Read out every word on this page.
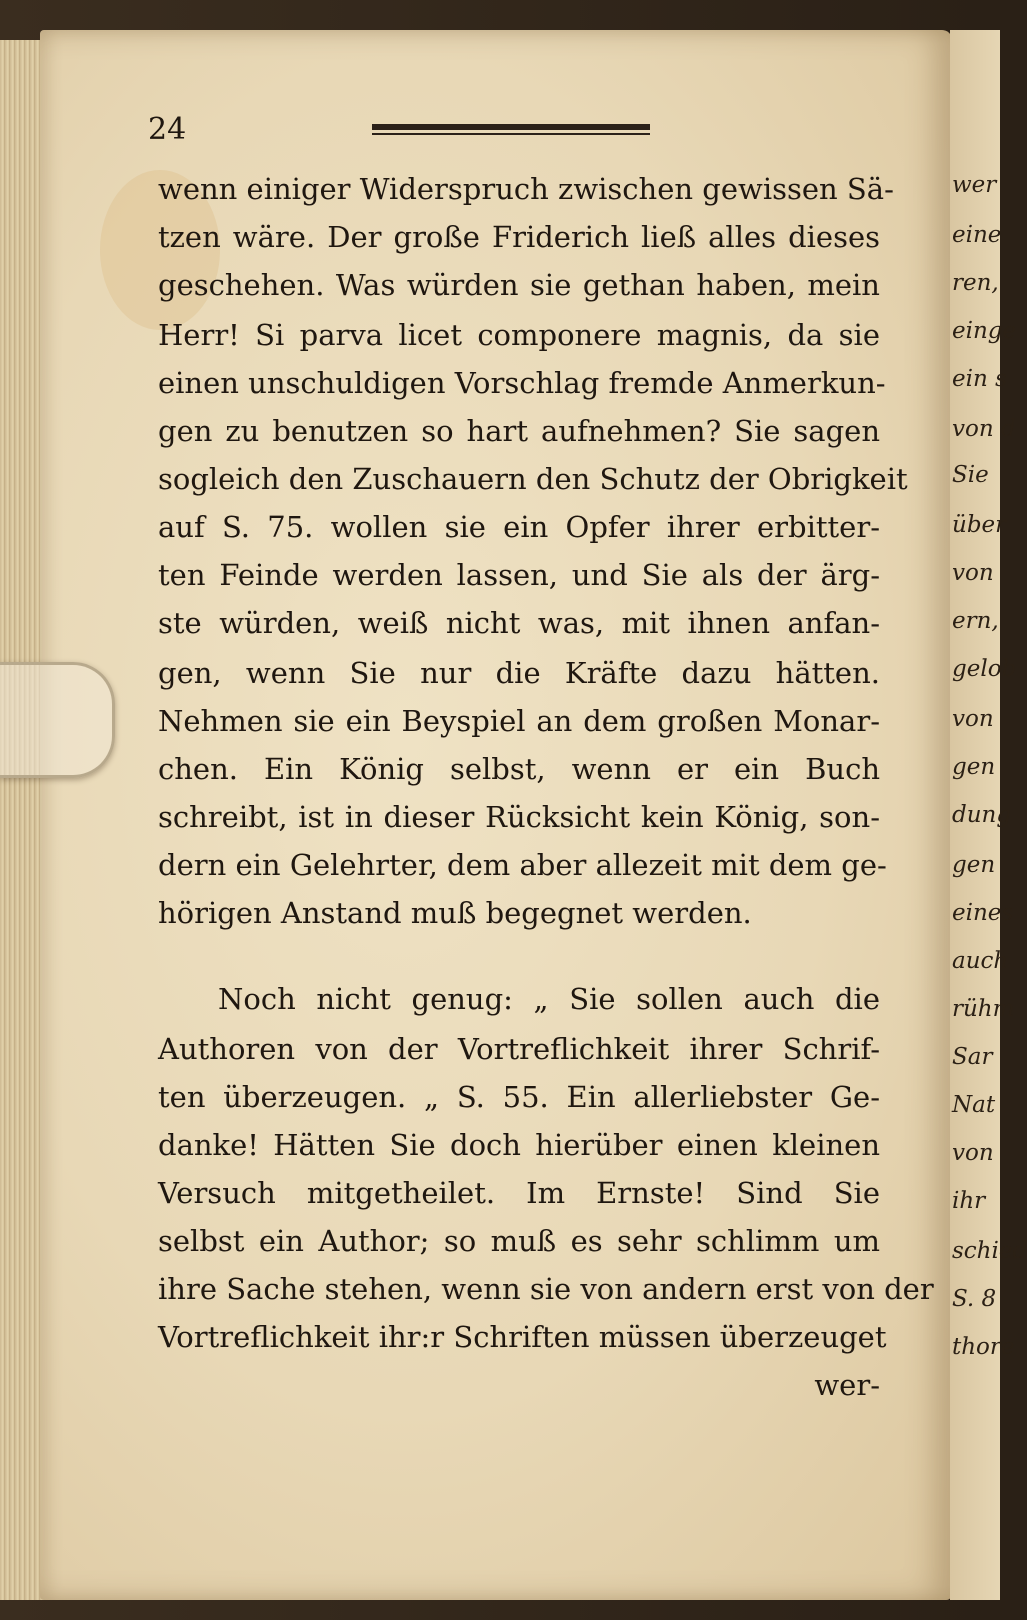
wer
eine
ren,
einge
ein s
von d
Sie
über
von
ern,
gelob
von
gen
dung
gen
eines
auch
rühm
Sar
Nat
von
ihr
schied
S. 8
thore
24
wenn einiger Widerspruch zwischen gewissen Sä-
tzen wäre. Der große Friderich ließ alles dieses
geschehen. Was würden sie gethan haben, mein
Herr! Si parva licet componere magnis, da sie
einen unschuldigen Vorschlag fremde Anmerkun-
gen zu benutzen so hart aufnehmen? Sie sagen
sogleich den Zuschauern den Schutz der Obrigkeit
auf S. 75. wollen sie ein Opfer ihrer erbitter-
ten Feinde werden lassen, und Sie als der ärg-
ste würden, weiß nicht was, mit ihnen anfan-
gen, wenn Sie nur die Kräfte dazu hätten.
Nehmen sie ein Beyspiel an dem großen Monar-
chen. Ein König selbst, wenn er ein Buch
schreibt, ist in dieser Rücksicht kein König, son-
dern ein Gelehrter, dem aber allezeit mit dem ge-
hörigen Anstand muß begegnet werden.
Noch nicht genug: „ Sie sollen auch die
Authoren von der Vortreflichkeit ihrer Schrif-
ten überzeugen. „ S. 55. Ein allerliebster Ge-
danke! Hätten Sie doch hierüber einen kleinen
Versuch mitgetheilet. Im Ernste! Sind Sie
selbst ein Author; so muß es sehr schlimm um
ihre Sache stehen, wenn sie von andern erst von der
Vortreflichkeit ihr:r Schriften müssen überzeuget
wer-
